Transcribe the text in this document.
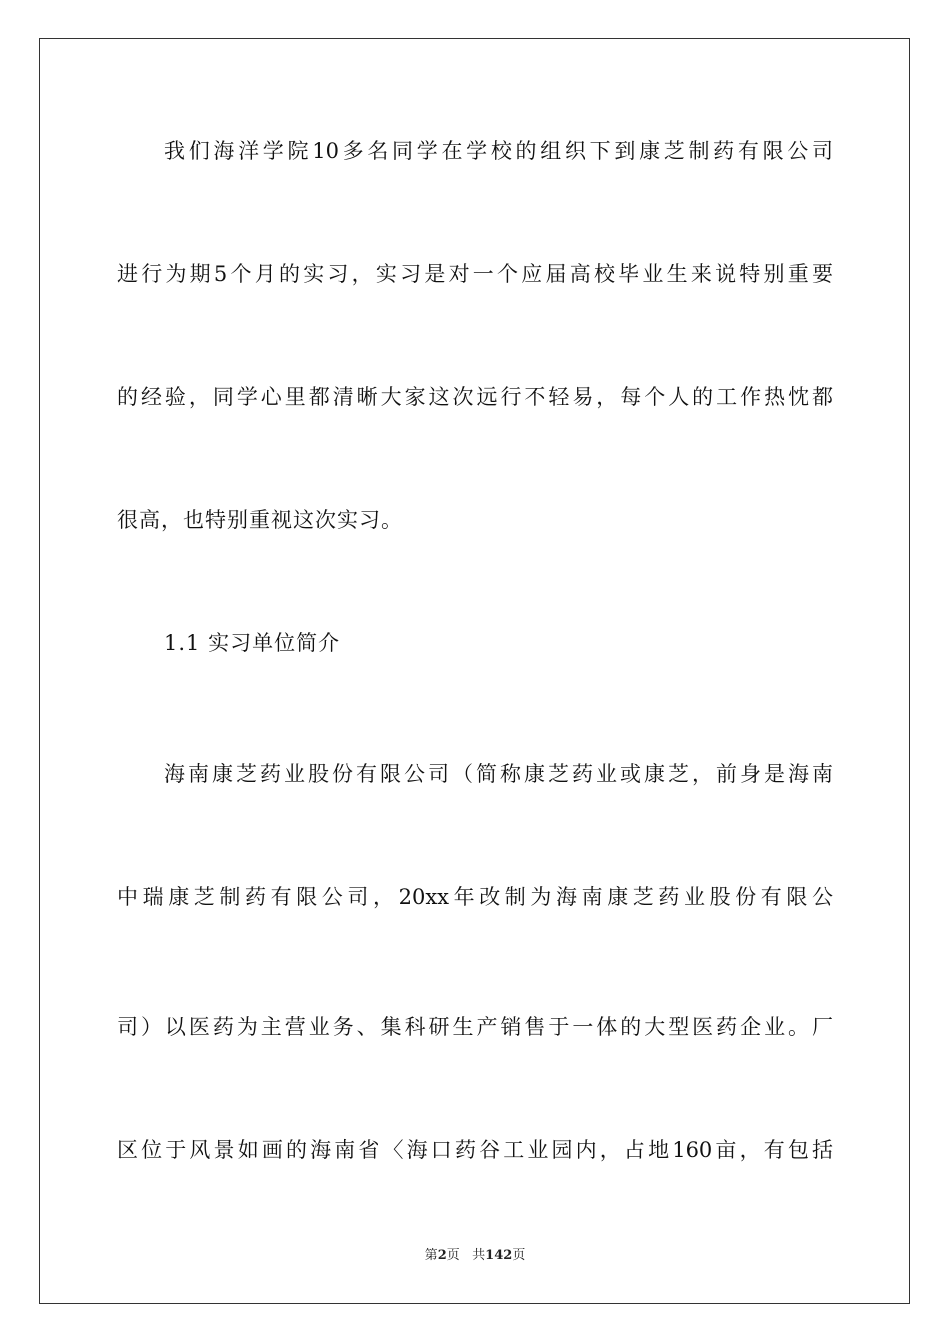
我们海洋学院10多名同学在学校的组织下到康芝制药有限公司
进行为期5个月的实习，实习是对一个应届高校毕业生来说特别重要
的经验，同学心里都清晰大家这次远行不轻易，每个人的工作热忱都
很高，也特别重视这次实习。
1.1 实习单位简介
海南康芝药业股份有限公司（简称康芝药业或康芝，前身是海南
中瑞康芝制药有限公司，20xx年改制为海南康芝药业股份有限公
司）以医药为主营业务、集科研生产销售于一体的大型医药企业。厂
区位于风景如画的海南省〈海口药谷工业园内，占地160亩，有包括
第2页 共142页
